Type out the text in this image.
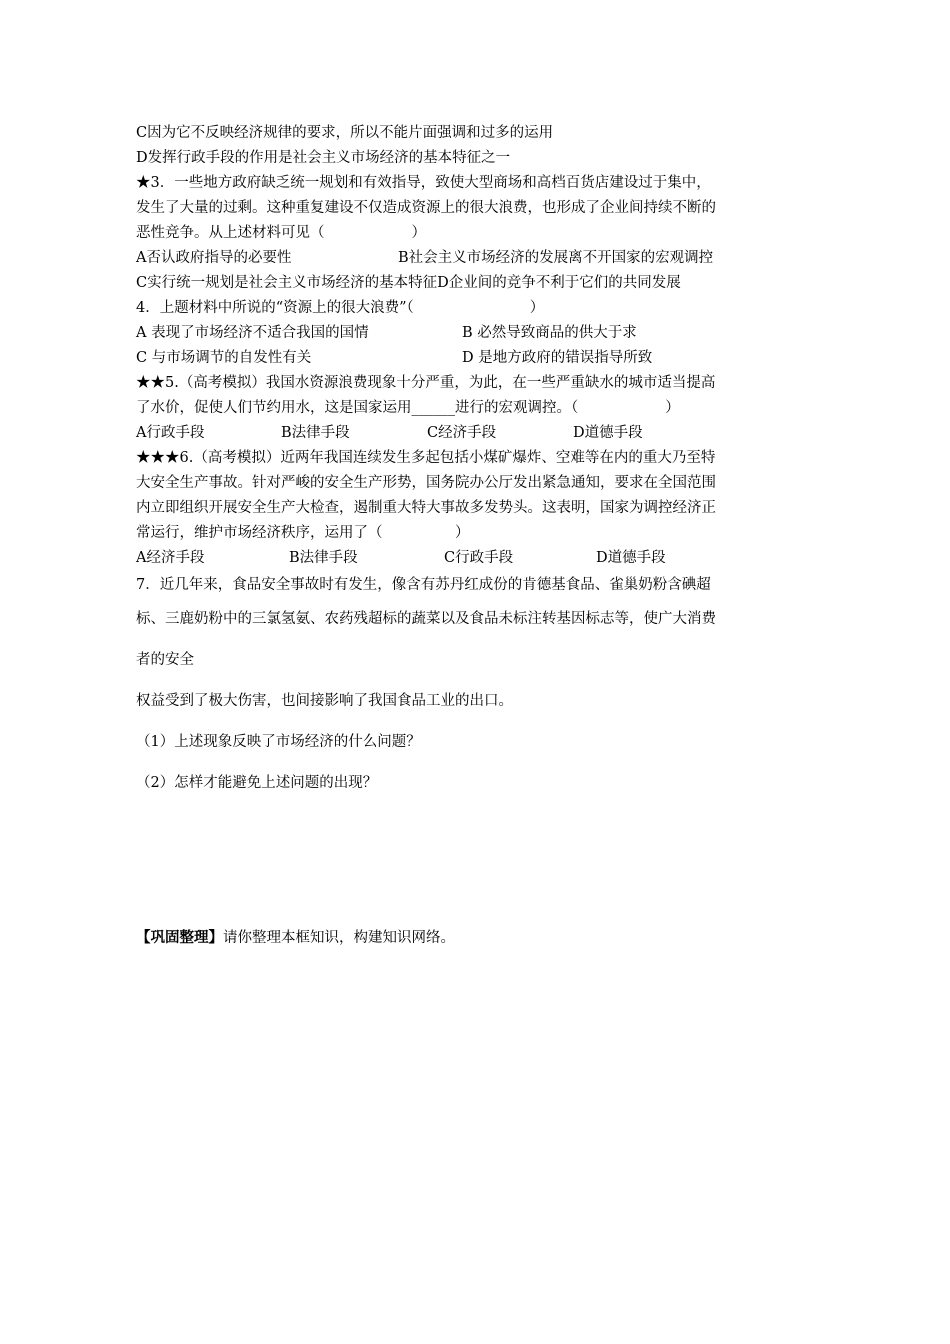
C因为它不反映经济规律的要求，所以不能片面强调和过多的运用
D发挥行政手段的作用是社会主义市场经济的基本特征之一
★3．一些地方政府缺乏统一规划和有效指导，致使大型商场和高档百货店建设过于集中，
发生了大量的过剩。这种重复建设不仅造成资源上的很大浪费，也形成了企业间持续不断的
恶性竞争。从上述材料可见（　　　　　　）
A否认政府指导的必要性	B社会主义市场经济的发展离不开国家的宏观调控
C实行统一规划是社会主义市场经济的基本特征 D企业间的竞争不利于它们的共同发展
4．上题材料中所说的“资源上的很大浪费”（　　　　　　　　）
A 表现了市场经济不适合我国的国情	B 必然导致商品的供大于求
C 与市场调节的自发性有关	D 是地方政府的错误指导所致
★★5.（高考模拟）我国水资源浪费现象十分严重，为此，在一些严重缺水的城市适当提高
了水价，促使人们节约用水，这是国家运用______进行的宏观调控。（　　　　　　）
A行政手段	B法律手段	C经济手段	D道德手段
★★★6.（高考模拟）近两年我国连续发生多起包括小煤矿爆炸、空难等在内的重大乃至特
大安全生产事故。针对严峻的安全生产形势，国务院办公厅发出紧急通知，要求在全国范围
内立即组织开展安全生产大检查，遏制重大特大事故多发势头。这表明，国家为调控经济正
常运行，维护市场经济秩序，运用了（　　　　　）
A经济手段	B法律手段	C行政手段	D道德手段
7．近几年来，食品安全事故时有发生，像含有苏丹红成份的肯德基食品、雀巢奶粉含碘超
标、三鹿奶粉中的三氯氢氨、农药残超标的蔬菜以及食品未标注转基因标志等，使广大消费
者的安全
权益受到了极大伤害，也间接影响了我国食品工业的出口。
（1）上述现象反映了市场经济的什么问题？
（2）怎样才能避免上述问题的出现？
【巩固整理】请你整理本框知识，构建知识网络。
